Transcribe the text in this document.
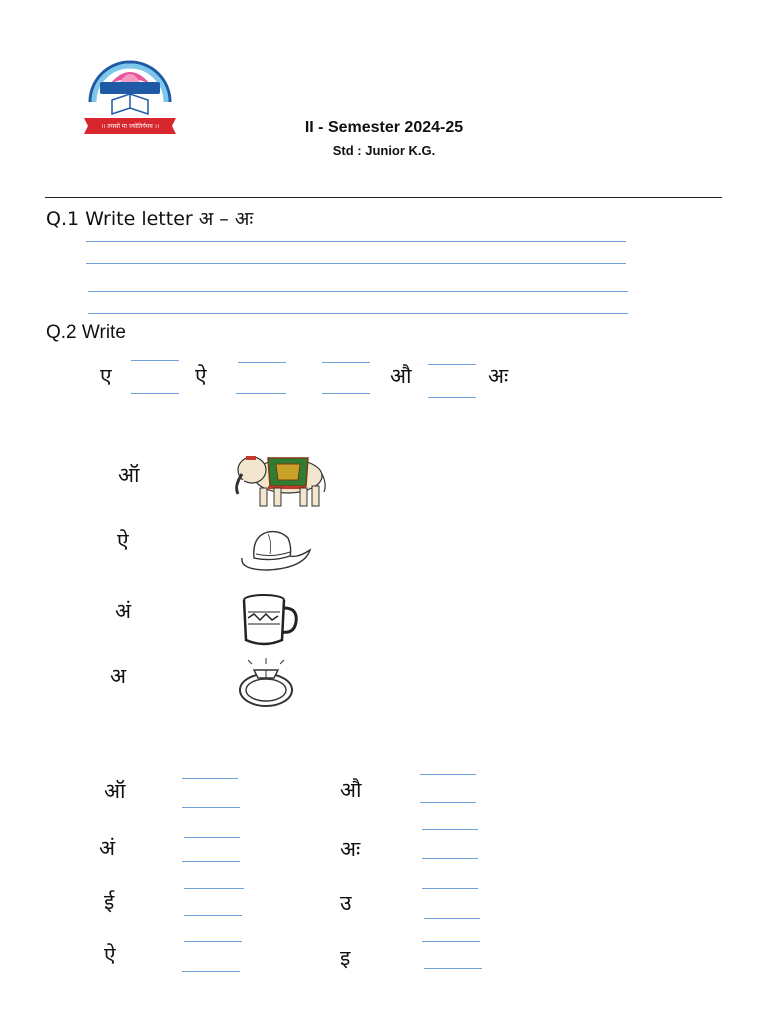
।। तमसो मा ज्योतिर्गमय ।।	II - Semester 2024-25
Std : Junior K.G.
Q.1 Write letter अ – अः
Q.2 Write
ए	ऐ	औ	अः
ऑ
ऐ
अं
अ
ऑ
अं
ई
ऐ
औ
अः
उ
इ
